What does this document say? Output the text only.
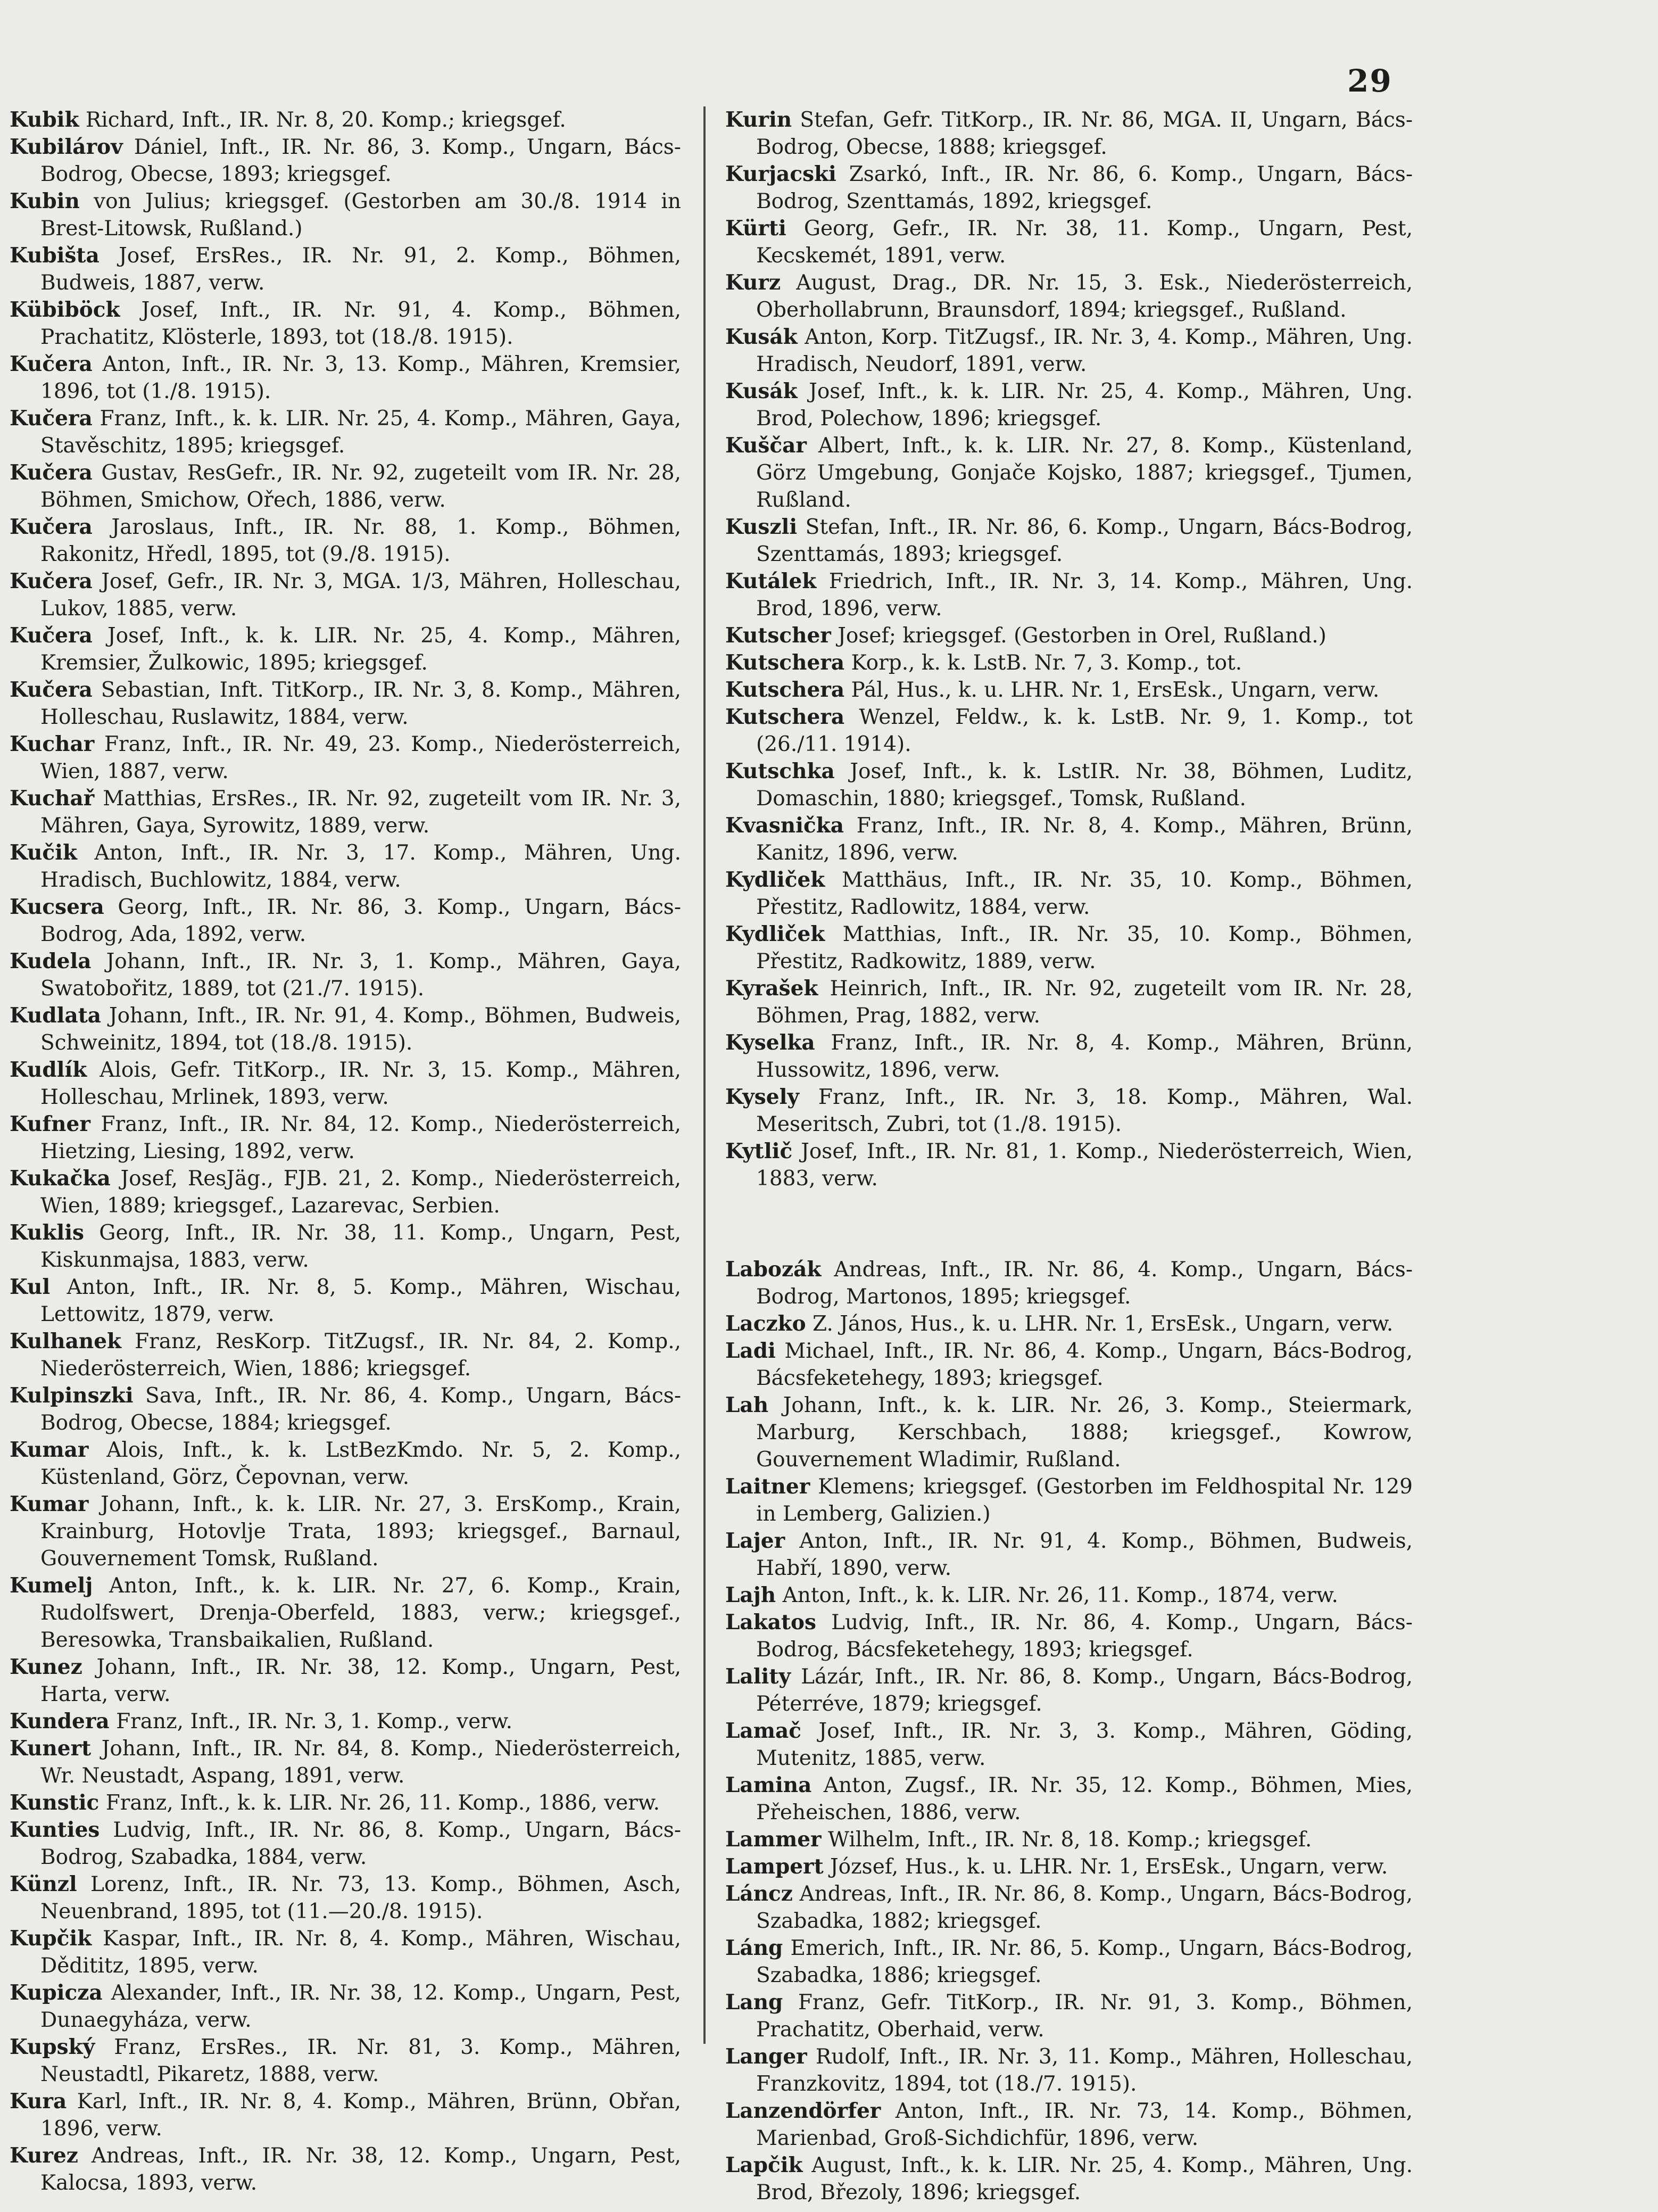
29

Kubik Richard, Inft., IR. Nr. 8, 20. Komp.; kriegsgef.

Kubilárov Dániel, Inft., IR. Nr. 86, 3. Komp., Ungarn, Bács-Bodrog, Obecse, 1893; kriegsgef.

Kubin von Julius; kriegsgef. (Gestorben am 30./8. 1914 in Brest-Litowsk, Rußland.)

Kubišta Josef, ErsRes., IR. Nr. 91, 2. Komp., Böhmen, Budweis, 1887, verw.

Kübiböck Josef, Inft., IR. Nr. 91, 4. Komp., Böhmen, Prachatitz, Klösterle, 1893, tot (18./8. 1915).

Kučera Anton, Inft., IR. Nr. 3, 13. Komp., Mähren, Kremsier, 1896, tot (1./8. 1915).

Kučera Franz, Inft., k. k. LIR. Nr. 25, 4. Komp., Mähren, Gaya, Stavěschitz, 1895; kriegsgef.

Kučera Gustav, ResGefr., IR. Nr. 92, zugeteilt vom IR. Nr. 28, Böhmen, Smichow, Ořech, 1886, verw.

Kučera Jaroslaus, Inft., IR. Nr. 88, 1. Komp., Böhmen, Rakonitz, Hředl, 1895, tot (9./8. 1915).

Kučera Josef, Gefr., IR. Nr. 3, MGA. 1/3, Mähren, Holleschau, Lukov, 1885, verw.

Kučera Josef, Inft., k. k. LIR. Nr. 25, 4. Komp., Mähren, Kremsier, Žulkowic, 1895; kriegsgef.

Kučera Sebastian, Inft. TitKorp., IR. Nr. 3, 8. Komp., Mähren, Holleschau, Ruslawitz, 1884, verw.

Kuchar Franz, Inft., IR. Nr. 49, 23. Komp., Niederösterreich, Wien, 1887, verw.

Kuchař Matthias, ErsRes., IR. Nr. 92, zugeteilt vom IR. Nr. 3, Mähren, Gaya, Syrowitz, 1889, verw.

Kučik Anton, Inft., IR. Nr. 3, 17. Komp., Mähren, Ung. Hradisch, Buchlowitz, 1884, verw.

Kucsera Georg, Inft., IR. Nr. 86, 3. Komp., Ungarn, Bács-Bodrog, Ada, 1892, verw.

Kudela Johann, Inft., IR. Nr. 3, 1. Komp., Mähren, Gaya, Swatobořitz, 1889, tot (21./7. 1915).

Kudlata Johann, Inft., IR. Nr. 91, 4. Komp., Böhmen, Budweis, Schweinitz, 1894, tot (18./8. 1915).

Kudlík Alois, Gefr. TitKorp., IR. Nr. 3, 15. Komp., Mähren, Holleschau, Mrlinek, 1893, verw.

Kufner Franz, Inft., IR. Nr. 84, 12. Komp., Niederösterreich, Hietzing, Liesing, 1892, verw.

Kukačka Josef, ResJäg., FJB. 21, 2. Komp., Niederösterreich, Wien, 1889; kriegsgef., Lazarevac, Serbien.

Kuklis Georg, Inft., IR. Nr. 38, 11. Komp., Ungarn, Pest, Kiskunmajsa, 1883, verw.

Kul Anton, Inft., IR. Nr. 8, 5. Komp., Mähren, Wischau, Lettowitz, 1879, verw.

Kulhanek Franz, ResKorp. TitZugsf., IR. Nr. 84, 2. Komp., Niederösterreich, Wien, 1886; kriegsgef.

Kulpinszki Sava, Inft., IR. Nr. 86, 4. Komp., Ungarn, Bács-Bodrog, Obecse, 1884; kriegsgef.

Kumar Alois, Inft., k. k. LstBezKmdo. Nr. 5, 2. Komp., Küstenland, Görz, Čepovnan, verw.

Kumar Johann, Inft., k. k. LIR. Nr. 27, 3. ErsKomp., Krain, Krainburg, Hotovlje Trata, 1893; kriegsgef., Barnaul, Gouvernement Tomsk, Rußland.

Kumelj Anton, Inft., k. k. LIR. Nr. 27, 6. Komp., Krain, Rudolfswert, Drenja-Oberfeld, 1883, verw.; kriegsgef., Beresowka, Transbaikalien, Rußland.

Kunez Johann, Inft., IR. Nr. 38, 12. Komp., Ungarn, Pest, Harta, verw.

Kundera Franz, Inft., IR. Nr. 3, 1. Komp., verw.

Kunert Johann, Inft., IR. Nr. 84, 8. Komp., Niederösterreich, Wr. Neustadt, Aspang, 1891, verw.

Kunstic Franz, Inft., k. k. LIR. Nr. 26, 11. Komp., 1886, verw.

Kunties Ludvig, Inft., IR. Nr. 86, 8. Komp., Ungarn, Bács-Bodrog, Szabadka, 1884, verw.

Künzl Lorenz, Inft., IR. Nr. 73, 13. Komp., Böhmen, Asch, Neuenbrand, 1895, tot (11.—20./8. 1915).

Kupčik Kaspar, Inft., IR. Nr. 8, 4. Komp., Mähren, Wischau, Dědititz, 1895, verw.

Kupicza Alexander, Inft., IR. Nr. 38, 12. Komp., Ungarn, Pest, Dunaegyháza, verw.

Kupský Franz, ErsRes., IR. Nr. 81, 3. Komp., Mähren, Neustadtl, Pikaretz, 1888, verw.

Kura Karl, Inft., IR. Nr. 8, 4. Komp., Mähren, Brünn, Obřan, 1896, verw.

Kurez Andreas, Inft., IR. Nr. 38, 12. Komp., Ungarn, Pest, Kalocsa, 1893, verw.

Kurin Stefan, Gefr. TitKorp., IR. Nr. 86, MGA. II, Ungarn, Bács-Bodrog, Obecse, 1888; kriegsgef.

Kurjacski Zsarkó, Inft., IR. Nr. 86, 6. Komp., Ungarn, Bács-Bodrog, Szenttamás, 1892, kriegsgef.

Kürti Georg, Gefr., IR. Nr. 38, 11. Komp., Ungarn, Pest, Kecskemét, 1891, verw.

Kurz August, Drag., DR. Nr. 15, 3. Esk., Niederösterreich, Oberhollabrunn, Braunsdorf, 1894; kriegsgef., Rußland.

Kusák Anton, Korp. TitZugsf., IR. Nr. 3, 4. Komp., Mähren, Ung. Hradisch, Neudorf, 1891, verw.

Kusák Josef, Inft., k. k. LIR. Nr. 25, 4. Komp., Mähren, Ung. Brod, Polechow, 1896; kriegsgef.

Kuščar Albert, Inft., k. k. LIR. Nr. 27, 8. Komp., Küstenland, Görz Umgebung, Gonjače Kojsko, 1887; kriegsgef., Tjumen, Rußland.

Kuszli Stefan, Inft., IR. Nr. 86, 6. Komp., Ungarn, Bács-Bodrog, Szenttamás, 1893; kriegsgef.

Kutálek Friedrich, Inft., IR. Nr. 3, 14. Komp., Mähren, Ung. Brod, 1896, verw.

Kutscher Josef; kriegsgef. (Gestorben in Orel, Rußland.)

Kutschera Korp., k. k. LstB. Nr. 7, 3. Komp., tot.

Kutschera Pál, Hus., k. u. LHR. Nr. 1, ErsEsk., Ungarn, verw.

Kutschera Wenzel, Feldw., k. k. LstB. Nr. 9, 1. Komp., tot (26./11. 1914).

Kutschka Josef, Inft., k. k. LstIR. Nr. 38, Böhmen, Luditz, Domaschin, 1880; kriegsgef., Tomsk, Rußland.

Kvasnička Franz, Inft., IR. Nr. 8, 4. Komp., Mähren, Brünn, Kanitz, 1896, verw.

Kydliček Matthäus, Inft., IR. Nr. 35, 10. Komp., Böhmen, Přestitz, Radlowitz, 1884, verw.

Kydliček Matthias, Inft., IR. Nr. 35, 10. Komp., Böhmen, Přestitz, Radkowitz, 1889, verw.

Kyrašek Heinrich, Inft., IR. Nr. 92, zugeteilt vom IR. Nr. 28, Böhmen, Prag, 1882, verw.

Kyselka Franz, Inft., IR. Nr. 8, 4. Komp., Mähren, Brünn, Hussowitz, 1896, verw.

Kysely Franz, Inft., IR. Nr. 3, 18. Komp., Mähren, Wal. Meseritsch, Zubri, tot (1./8. 1915).

Kytlič Josef, Inft., IR. Nr. 81, 1. Komp., Niederösterreich, Wien, 1883, verw.

Labozák Andreas, Inft., IR. Nr. 86, 4. Komp., Ungarn, Bács-Bodrog, Martonos, 1895; kriegsgef.

Laczko Z. János, Hus., k. u. LHR. Nr. 1, ErsEsk., Ungarn, verw.

Ladi Michael, Inft., IR. Nr. 86, 4. Komp., Ungarn, Bács-Bodrog, Bácsfeketehegy, 1893; kriegsgef.

Lah Johann, Inft., k. k. LIR. Nr. 26, 3. Komp., Steiermark, Marburg, Kerschbach, 1888; kriegsgef., Kowrow, Gouvernement Wladimir, Rußland.

Laitner Klemens; kriegsgef. (Gestorben im Feldhospital Nr. 129 in Lemberg, Galizien.)

Lajer Anton, Inft., IR. Nr. 91, 4. Komp., Böhmen, Budweis, Habří, 1890, verw.

Lajh Anton, Inft., k. k. LIR. Nr. 26, 11. Komp., 1874, verw.

Lakatos Ludvig, Inft., IR. Nr. 86, 4. Komp., Ungarn, Bács-Bodrog, Bácsfeketehegy, 1893; kriegsgef.

Lality Lázár, Inft., IR. Nr. 86, 8. Komp., Ungarn, Bács-Bodrog, Péterréve, 1879; kriegsgef.

Lamač Josef, Inft., IR. Nr. 3, 3. Komp., Mähren, Göding, Mutenitz, 1885, verw.

Lamina Anton, Zugsf., IR. Nr. 35, 12. Komp., Böhmen, Mies, Přeheischen, 1886, verw.

Lammer Wilhelm, Inft., IR. Nr. 8, 18. Komp.; kriegsgef.

Lampert József, Hus., k. u. LHR. Nr. 1, ErsEsk., Ungarn, verw.

Láncz Andreas, Inft., IR. Nr. 86, 8. Komp., Ungarn, Bács-Bodrog, Szabadka, 1882; kriegsgef.

Láng Emerich, Inft., IR. Nr. 86, 5. Komp., Ungarn, Bács-Bodrog, Szabadka, 1886; kriegsgef.

Lang Franz, Gefr. TitKorp., IR. Nr. 91, 3. Komp., Böhmen, Prachatitz, Oberhaid, verw.

Langer Rudolf, Inft., IR. Nr. 3, 11. Komp., Mähren, Holleschau, Franzkovitz, 1894, tot (18./7. 1915).

Lanzendörfer Anton, Inft., IR. Nr. 73, 14. Komp., Böhmen, Marienbad, Groß-Sichdichfür, 1896, verw.

Lapčik August, Inft., k. k. LIR. Nr. 25, 4. Komp., Mähren, Ung. Brod, Březoly, 1896; kriegsgef.
